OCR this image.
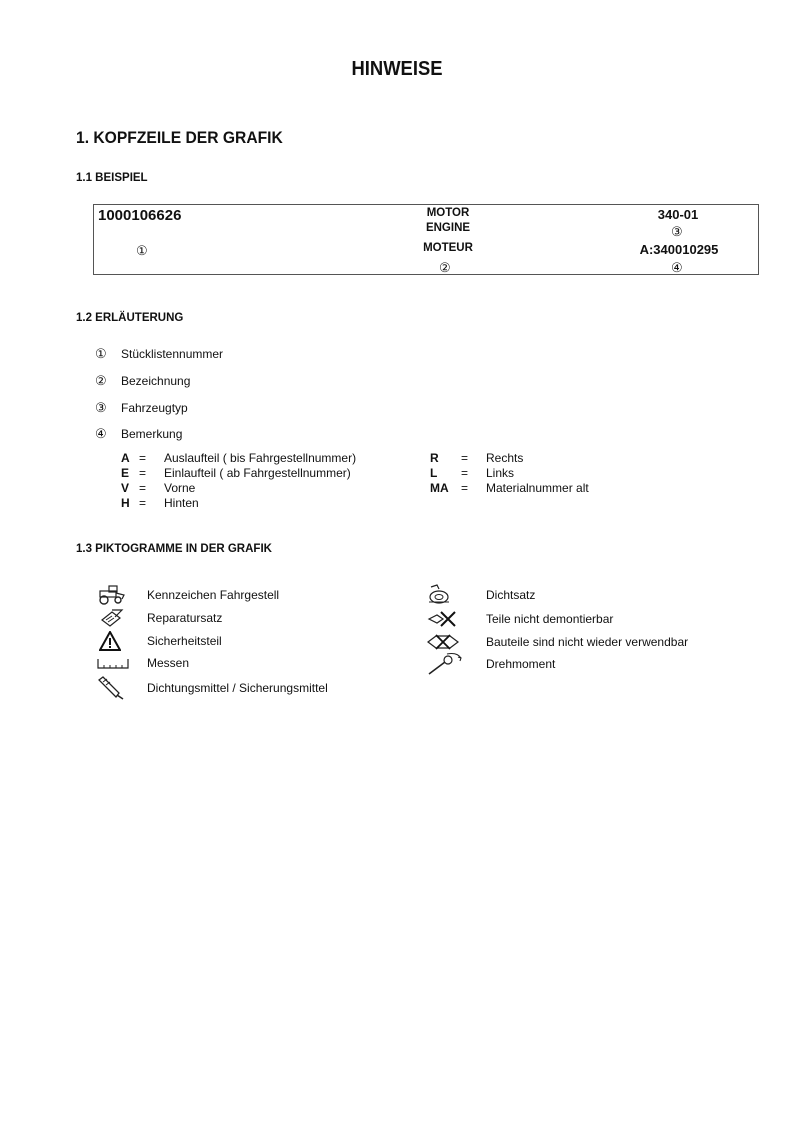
HINWEISE
1. KOPFZEILE DER GRAFIK
1.1 BEISPIEL
1000106626
①
MOTOR
ENGINE
MOTEUR
②
340-01
③
A:340010295
④
1.2 ERLÄUTERUNG
① Stücklistennummer
② Bezeichnung
③ Fahrzeugtyp
④ Bemerkung
A = Auslaufteil ( bis Fahrgestellnummer)
E = Einlaufteil ( ab Fahrgestellnummer)
V = Vorne
H = Hinten
R = Rechts
L = Links
MA = Materialnummer alt
1.3 PIKTOGRAMME IN DER GRAFIK
Kennzeichen Fahrgestell
Reparatursatz
Sicherheitsteil
Messen
Dichtungsmittel / Sicherungsmittel
Dichtsatz
Teile nicht demontierbar
Bauteile sind nicht wieder verwendbar
Drehmoment
